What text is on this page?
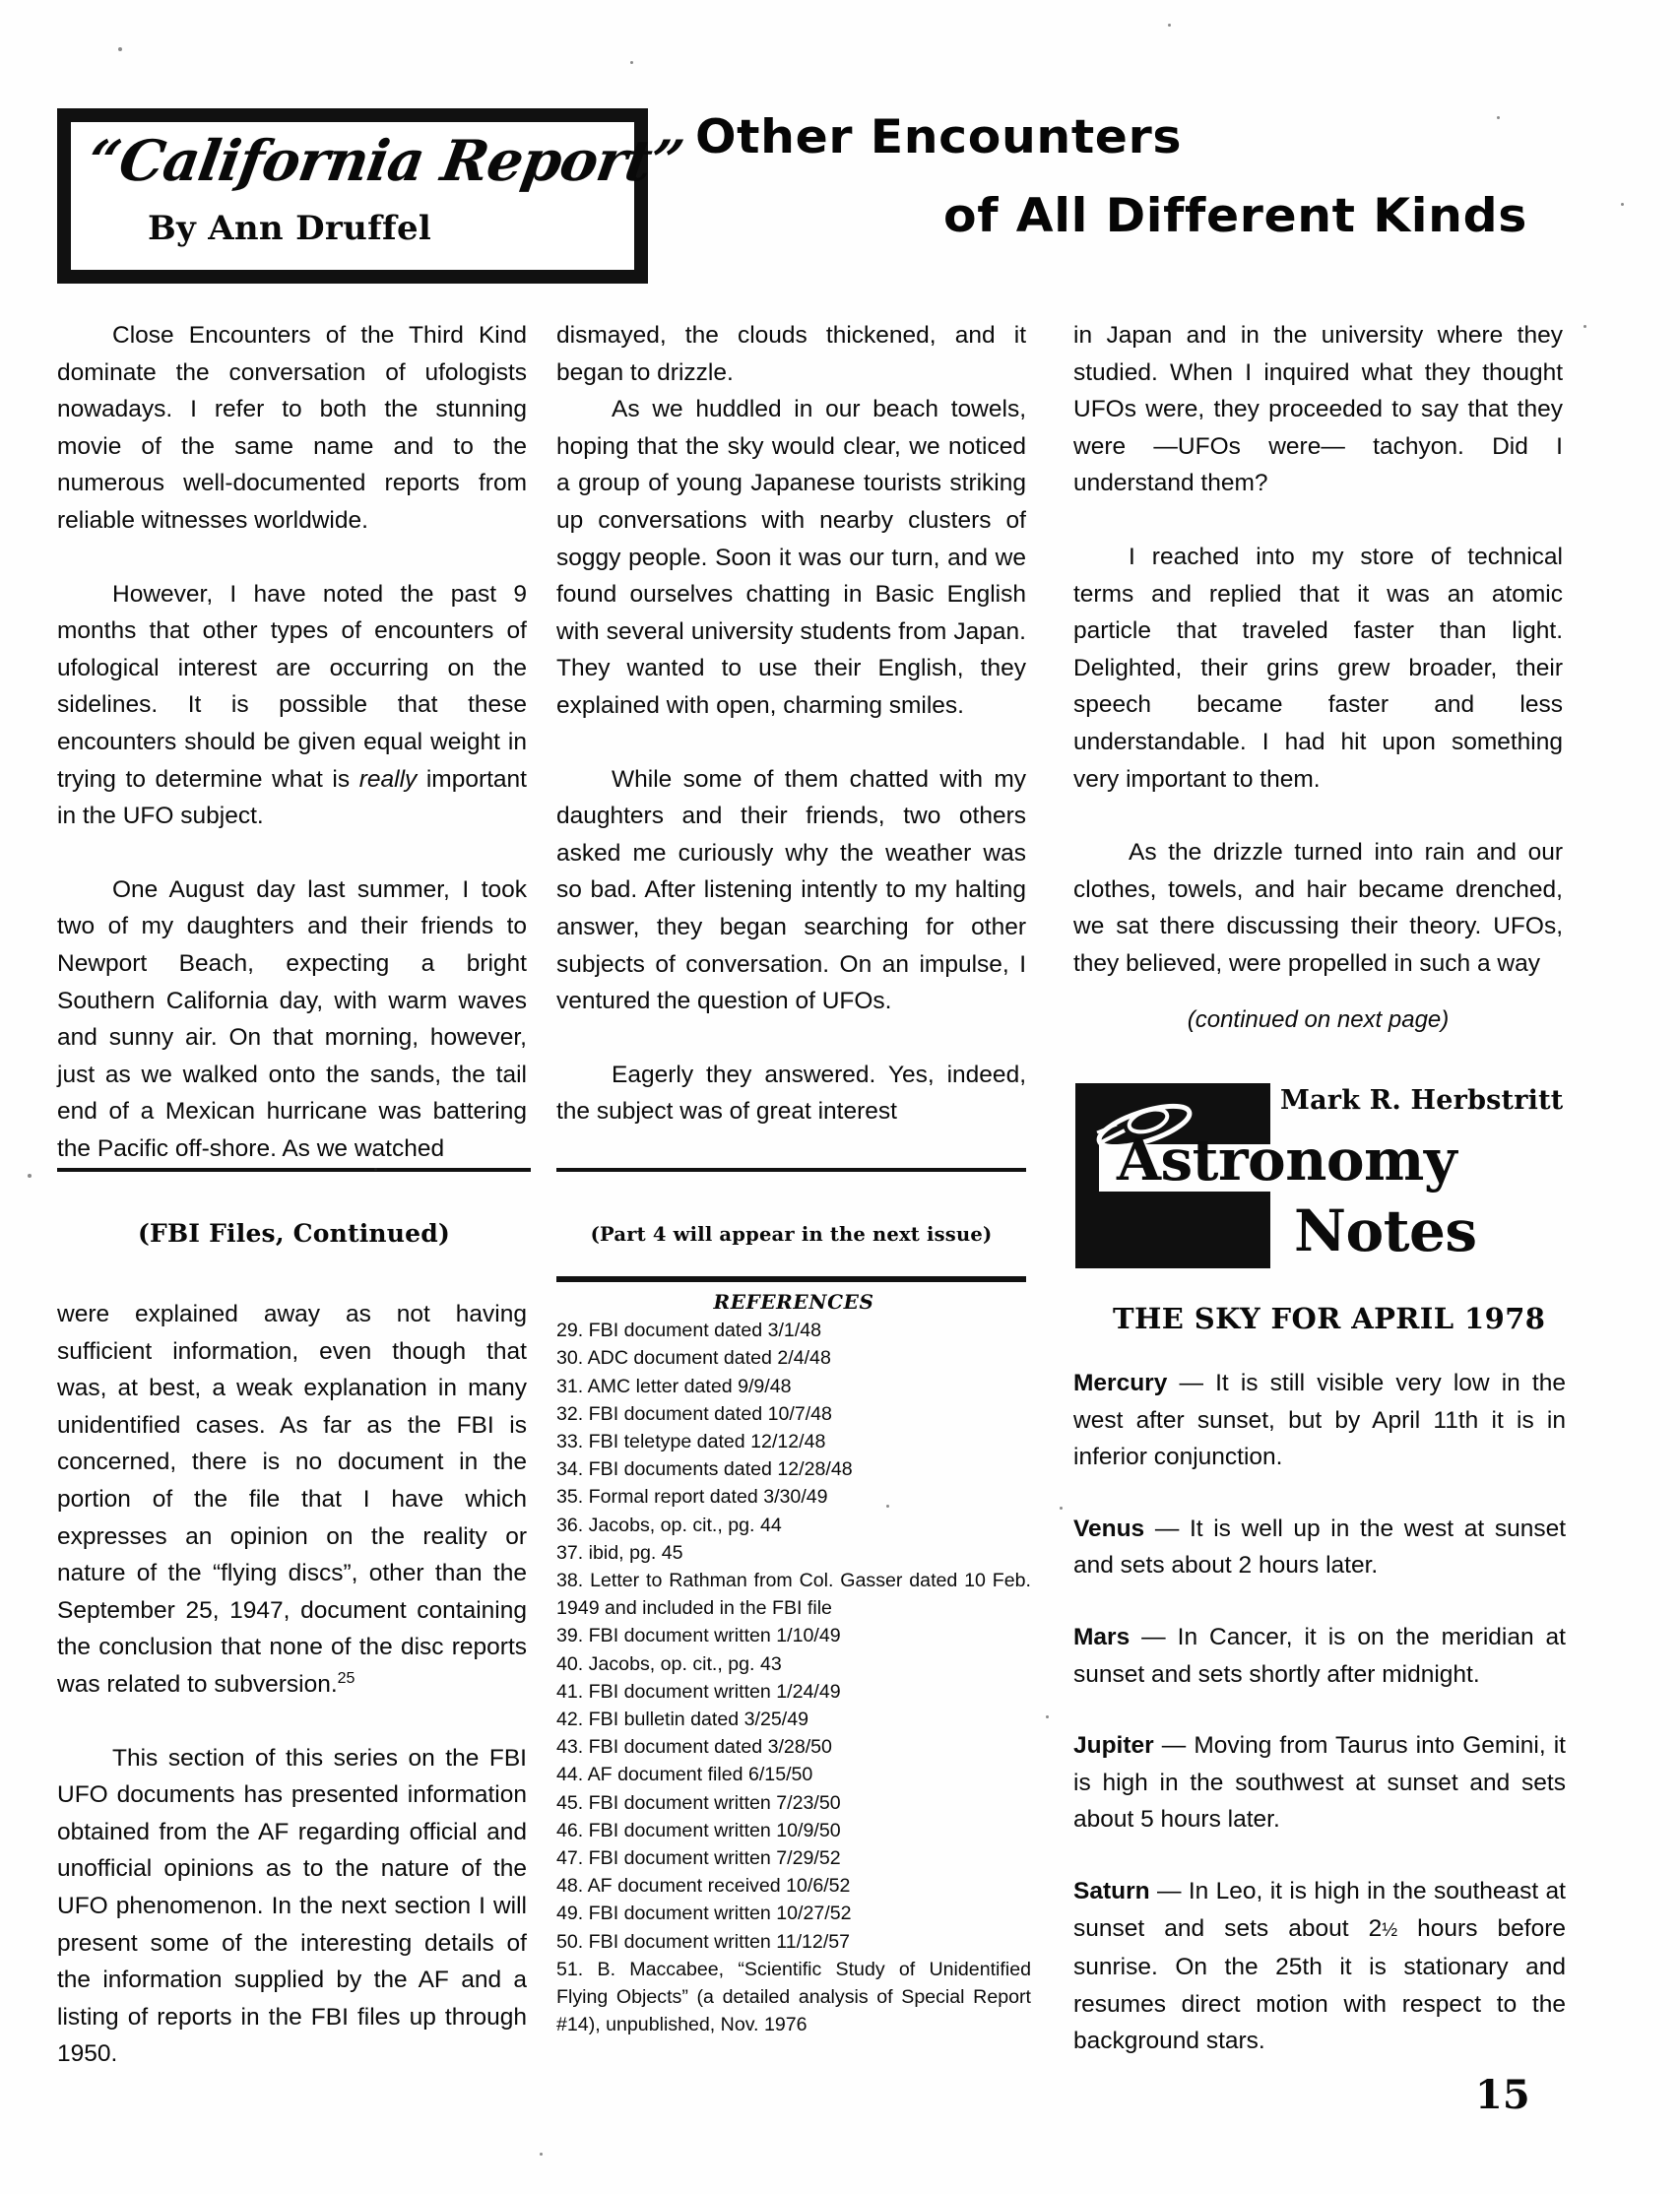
“California Report”
By Ann Druffel
Other Encounters
of All Different Kinds

Close Encounters of the Third Kind dominate the conversation of ufologists nowadays. I refer to both the stunning movie of the same name and to the numerous well-documented reports from reliable witnesses worldwide.

However, I have noted the past 9 months that other types of encounters of ufological interest are occurring on the sidelines. It is possible that these encounters should be given equal weight in trying to determine what is really important in the UFO subject.

One August day last summer, I took two of my daughters and their friends to Newport Beach, expecting a bright Southern California day, with warm waves and sunny air. On that morning, however, just as we walked onto the sands, the tail end of a Mexican hurricane was battering the Pacific off-shore. As we watched

dismayed, the clouds thickened, and it began to drizzle.

As we huddled in our beach towels, hoping that the sky would clear, we noticed a group of young Japanese tourists striking up conversations with nearby clusters of soggy people. Soon it was our turn, and we found ourselves chatting in Basic English with several university students from Japan. They wanted to use their English, they explained with open, charming smiles.

While some of them chatted with my daughters and their friends, two others asked me curiously why the weather was so bad. After listening intently to my halting answer, they began searching for other subjects of conversation. On an impulse, I ventured the question of UFOs.

Eagerly they answered. Yes, indeed, the subject was of great interest

in Japan and in the university where they studied. When I inquired what they thought UFOs were, they proceeded to say that they were —UFOs were— tachyon. Did I understand them?

I reached into my store of technical terms and replied that it was an atomic particle that traveled faster than light. Delighted, their grins grew broader, their speech became faster and less understandable. I had hit upon something very important to them.

As the drizzle turned into rain and our clothes, towels, and hair became drenched, we sat there discussing their theory. UFOs, they believed, were propelled in such a way

(continued on next page)
(FBI Files, Continued)	(Part 4 will appear in the next issue)

were explained away as not having sufficient information, even though that was, at best, a weak explanation in many unidentified cases. As far as the FBI is concerned, there is no document in the portion of the file that I have which expresses an opinion on the reality or nature of the “flying discs”, other than the September 25, 1947, document containing the conclusion that none of the disc reports was related to subversion.$^{25}$

This section of this series on the FBI UFO documents has presented information obtained from the AF regarding official and unofficial opinions as to the nature of the UFO phenomenon. In the next section I will present some of the interesting details of the information supplied by the AF and a listing of reports in the FBI files up through 1950.

REFERENCES
29. FBI document dated 3/1/48
30. ADC document dated 2/4/48
31. AMC letter dated 9/9/48
32. FBI document dated 10/7/48
33. FBI teletype dated 12/12/48
34. FBI documents dated 12/28/48
35. Formal report dated 3/30/49
36. Jacobs, op. cit., pg. 44
37. ibid, pg. 45
38. Letter to Rathman from Col. Gasser dated 10 Feb. 1949 and included in the FBI file
39. FBI document written 1/10/49
40. Jacobs, op. cit., pg. 43
41. FBI document written 1/24/49
42. FBI bulletin dated 3/25/49
43. FBI document dated 3/28/50
44. AF document filed 6/15/50
45. FBI document written 7/23/50
46. FBI document written 10/9/50
47. FBI document written 7/29/52
48. AF document received 10/6/52
49. FBI document written 10/27/52
50. FBI document written 11/12/57
51. B. Maccabee, “Scientific Study of Unidentified Flying Objects” (a detailed analysis of Special Report #14), unpublished, Nov. 1976
Mark R. Herbstritt
Astronomy
Notes
THE SKY FOR APRIL 1978
Mercury — It is still visible very low in the west after sunset, but by April 11th it is in inferior conjunction.
Venus — It is well up in the west at sunset and sets about 2 hours later.
Mars — In Cancer, it is on the meridian at sunset and sets shortly after midnight.
Jupiter — Moving from Taurus into Gemini, it is high in the southwest at sunset and sets about 5 hours later.
Saturn — In Leo, it is high in the southeast at sunset and sets about 2½ hours before sunrise. On the 25th it is stationary and resumes direct motion with respect to the background stars.
15
